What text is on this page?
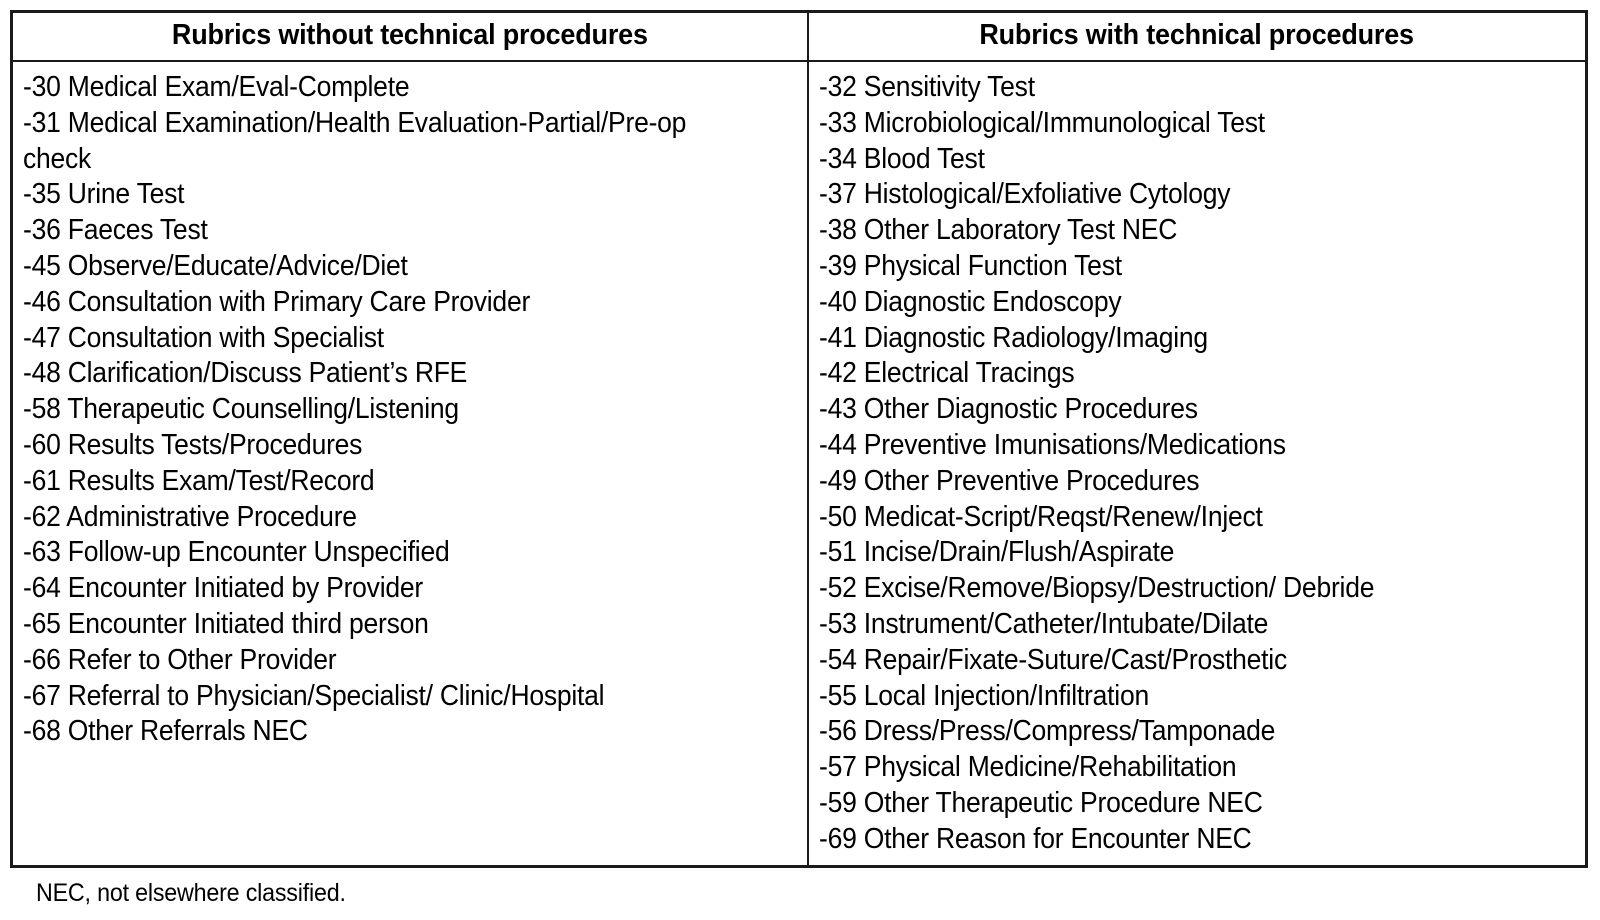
Rubrics without technical procedures	Rubrics with technical procedures

-30 Medical Exam/Eval-Complete
-31 Medical Examination/Health Evaluation-Partial/Pre-op check
-35 Urine Test
-36 Faeces Test
-45 Observe/Educate/Advice/Diet
-46 Consultation with Primary Care Provider
-47 Consultation with Specialist
-48 Clarification/Discuss Patient’s RFE
-58 Therapeutic Counselling/Listening
-60 Results Tests/Procedures
-61 Results Exam/Test/Record
-62 Administrative Procedure
-63 Follow-up Encounter Unspecified
-64 Encounter Initiated by Provider
-65 Encounter Initiated third person
-66 Refer to Other Provider
-67 Referral to Physician/Specialist/ Clinic/Hospital
-68 Other Referrals NEC

-32 Sensitivity Test
-33 Microbiological/Immunological Test
-34 Blood Test
-37 Histological/Exfoliative Cytology
-38 Other Laboratory Test NEC
-39 Physical Function Test
-40 Diagnostic Endoscopy
-41 Diagnostic Radiology/Imaging
-42 Electrical Tracings
-43 Other Diagnostic Procedures
-44 Preventive Imunisations/Medications
-49 Other Preventive Procedures
-50 Medicat-Script/Reqst/Renew/Inject
-51 Incise/Drain/Flush/Aspirate
-52 Excise/Remove/Biopsy/Destruction/ Debride
-53 Instrument/Catheter/Intubate/Dilate
-54 Repair/Fixate-Suture/Cast/Prosthetic
-55 Local Injection/Infiltration
-56 Dress/Press/Compress/Tamponade
-57 Physical Medicine/Rehabilitation
-59 Other Therapeutic Procedure NEC
-69 Other Reason for Encounter NEC
NEC, not elsewhere classified.
